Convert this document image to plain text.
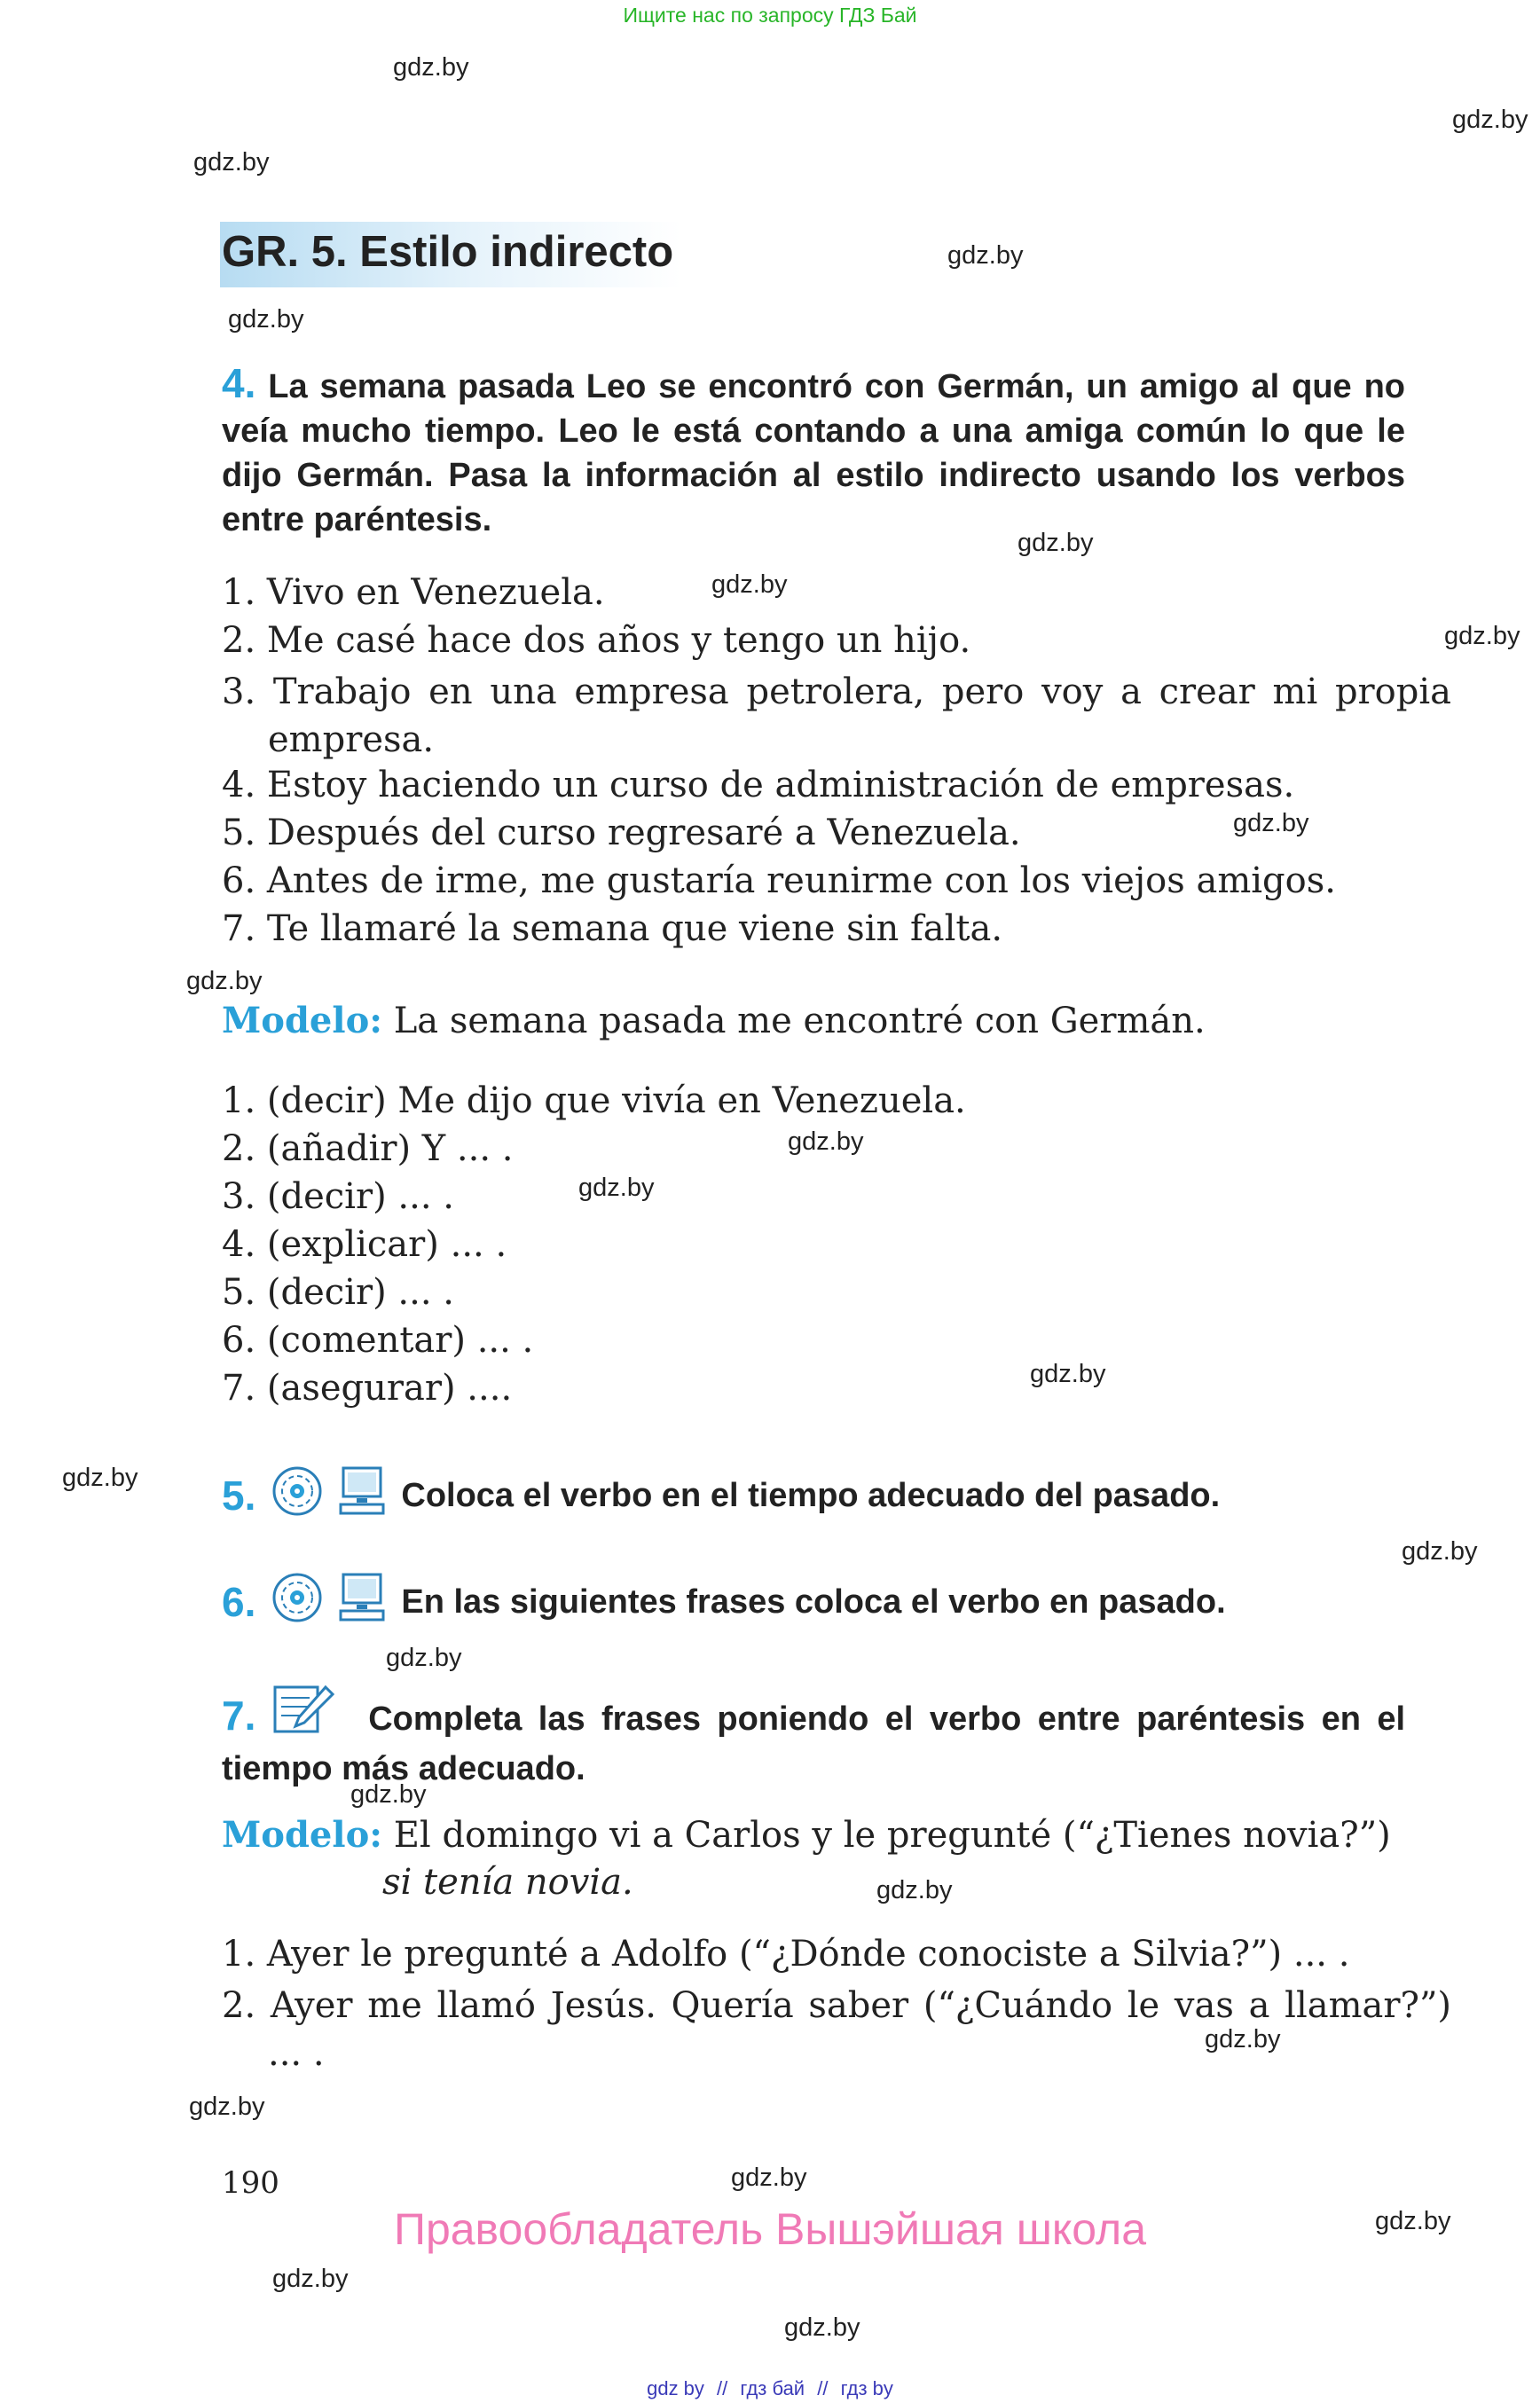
Ищите нас по запросу ГДЗ Бай
gdz.by
gdz.by
gdz.by
gdz.by
gdz.by
gdz.by
gdz.by
gdz.by
gdz.by
gdz.by
gdz.by
gdz.by
gdz.by
gdz.by
gdz.by
gdz.by
gdz.by
gdz.by
gdz.by
gdz.by
gdz.by
gdz.by
gdz.by
gdz.by
GR. 5. Estilo indirecto
4. La semana pasada Leo se encontró con Germán, un amigo al que no veía mucho tiempo. Leo le está contando a una amiga común lo que le dijo Germán. Pasa la información al estilo indirecto usando los verbos entre paréntesis.
1. Vivo en Venezuela.
2. Me casé hace dos años y tengo un hijo.
3. Trabajo en una empresa petrolera, pero voy a crear mi propia empresa.
4. Estoy haciendo un curso de administración de empresas.
5. Después del curso regresaré a Venezuela.
6. Antes de irme, me gustaría reunirme con los viejos amigos.
7. Te llamaré la semana que viene sin falta.
Modelo: La semana pasada me encontré con Germán.
1. (decir) Me dijo que vivía en Venezuela.
2. (añadir) Y ... .
3. (decir) ... .
4. (explicar) ... .
5. (decir) ... .
6. (comentar) ... .
7. (asegurar) ....
5.	Coloca el verbo en el tiempo adecuado del pasado.
6.	En las siguientes frases coloca el verbo en pasado.
7.	Completa las frases poniendo el verbo entre paréntesis en el tiempo más adecuado.
Modelo: El domingo vi a Carlos y le pregunté (“¿Tienes novia?”)
si tenía novia.
1. Ayer le pregunté a Adolfo (“¿Dónde conociste a Silvia?”) ... .
2. Ayer me llamó Jesús. Quería saber (“¿Cuándo le vas a llamar?”) ... .
190
Правообладатель Вышэйшая школа
gdz by // гдз бай // гдз by
